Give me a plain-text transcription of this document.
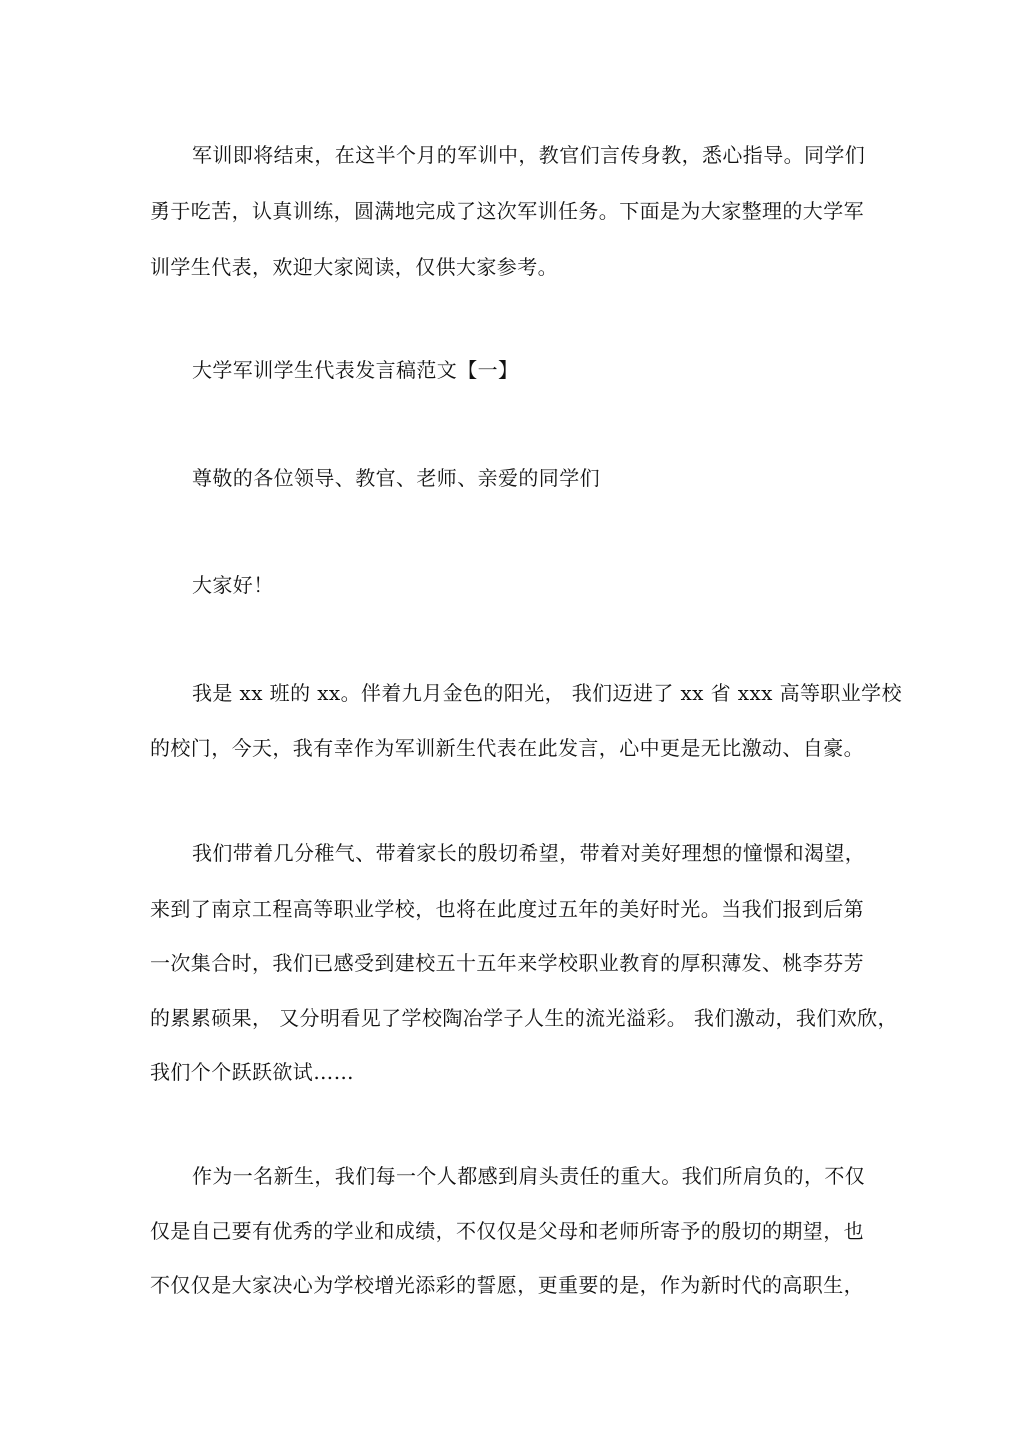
军训即将结束，在这半个月的军训中，教官们言传身教，悉心指导。同学们
勇于吃苦，认真训练，圆满地完成了这次军训任务。下面是为大家整理的大学军
训学生代表，欢迎大家阅读，仅供大家参考。
大学军训学生代表发言稿范文【一】
尊敬的各位领导、教官、老师、亲爱的同学们
大家好！
我是 xx 班的 xx。伴着九月金色的阳光， 我们迈进了 xx 省 xxx 高等职业学校
的校门，今天，我有幸作为军训新生代表在此发言，心中更是无比激动、自豪。
我们带着几分稚气、带着家长的殷切希望，带着对美好理想的憧憬和渴望，
来到了南京工程高等职业学校，也将在此度过五年的美好时光。当我们报到后第
一次集合时，我们已感受到建校五十五年来学校职业教育的厚积薄发、桃李芬芳
的累累硕果， 又分明看见了学校陶冶学子人生的流光溢彩。 我们激动，我们欢欣，
我们个个跃跃欲试……
作为一名新生，我们每一个人都感到肩头责任的重大。我们所肩负的，不仅
仅是自己要有优秀的学业和成绩，不仅仅是父母和老师所寄予的殷切的期望，也
不仅仅是大家决心为学校增光添彩的誓愿，更重要的是，作为新时代的高职生，
